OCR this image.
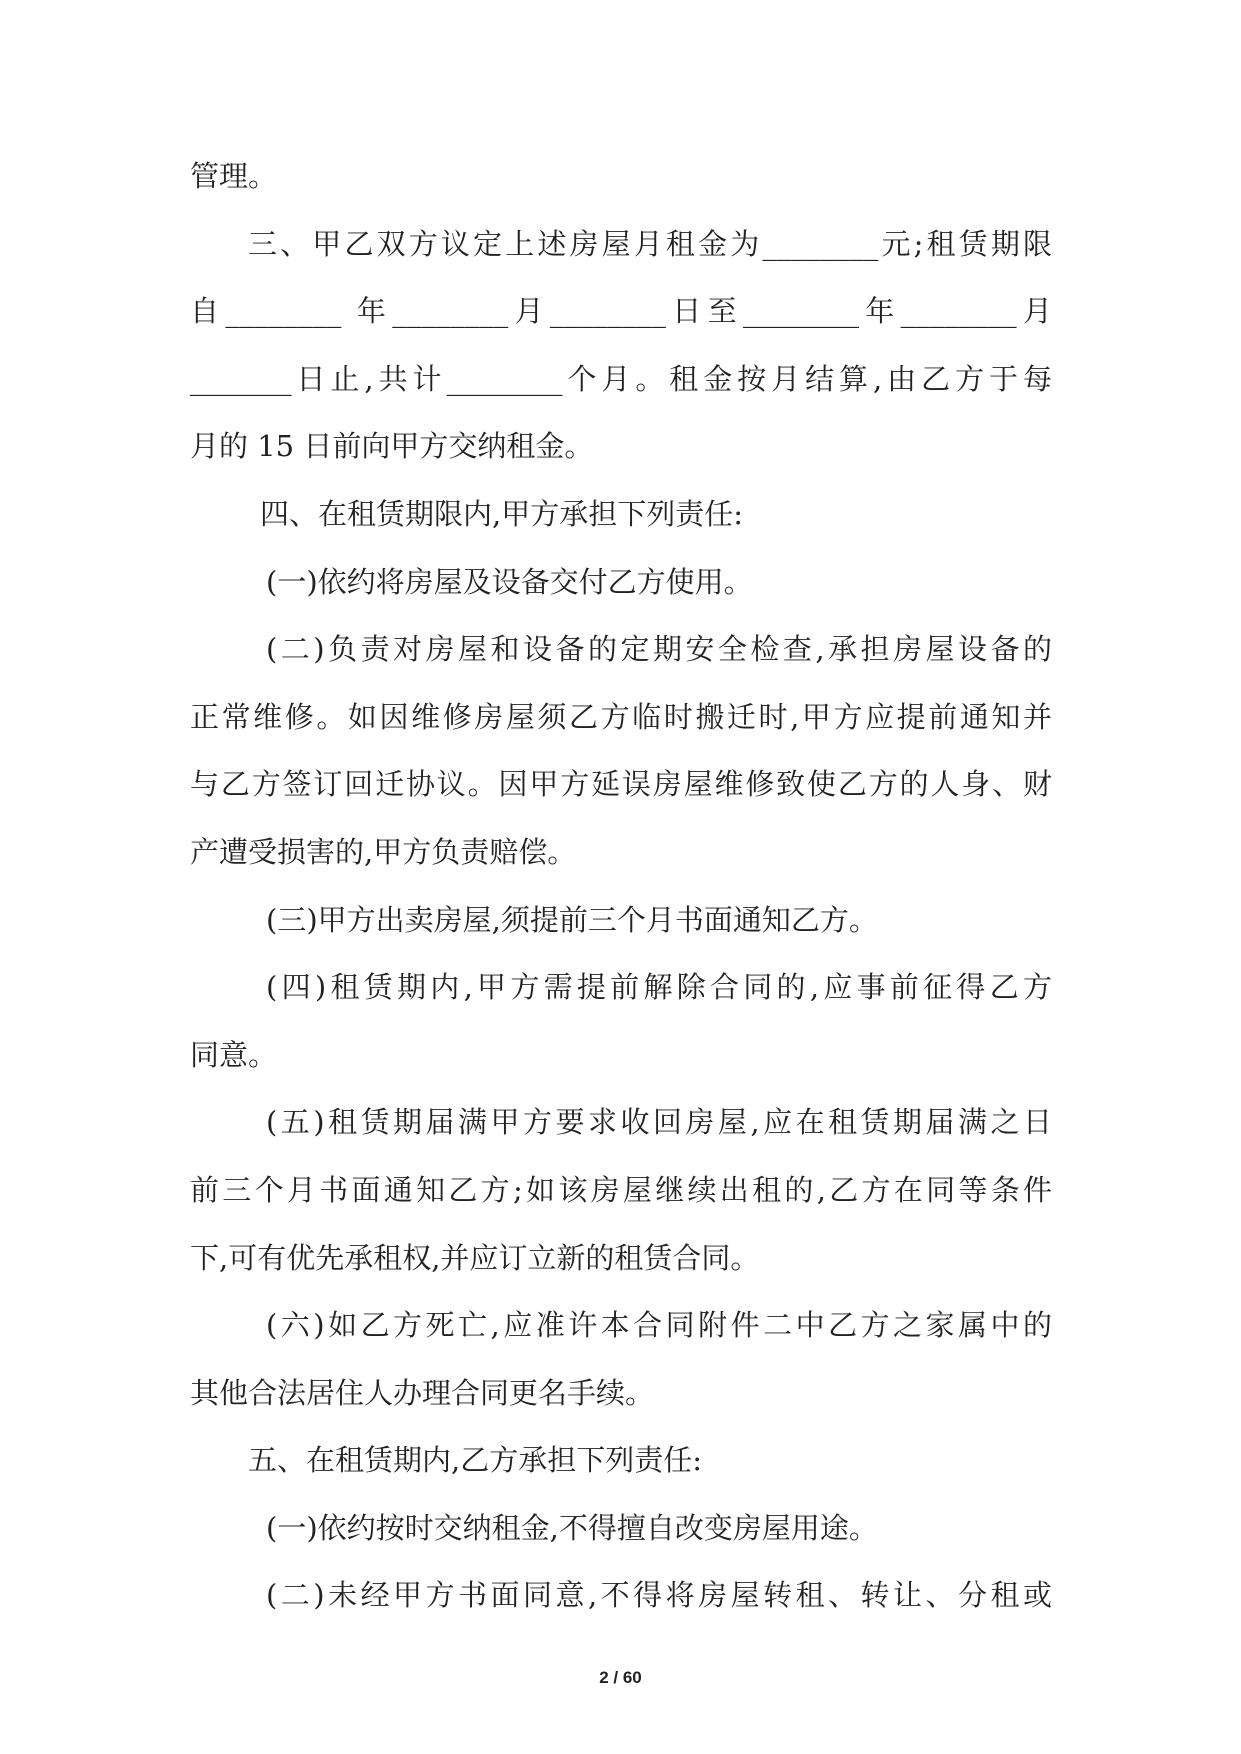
管理。
三、甲乙双方议定上述房屋月租金为________元;租赁期限
自________ 年________月________日至________年________月
_______日止,共计________个月。租金按月结算,由乙方于每
月的 15 日前向甲方交纳租金。
四、在租赁期限内,甲方承担下列责任:
(一)依约将房屋及设备交付乙方使用。
(二)负责对房屋和设备的定期安全检查,承担房屋设备的
正常维修。如因维修房屋须乙方临时搬迁时,甲方应提前通知并
与乙方签订回迁协议。因甲方延误房屋维修致使乙方的人身、财
产遭受损害的,甲方负责赔偿。
(三)甲方出卖房屋,须提前三个月书面通知乙方。
(四)租赁期内,甲方需提前解除合同的,应事前征得乙方
同意。
(五)租赁期届满甲方要求收回房屋,应在租赁期届满之日
前三个月书面通知乙方;如该房屋继续出租的,乙方在同等条件
下,可有优先承租权,并应订立新的租赁合同。
(六)如乙方死亡,应准许本合同附件二中乙方之家属中的
其他合法居住人办理合同更名手续。
五、在租赁期内,乙方承担下列责任:
(一)依约按时交纳租金,不得擅自改变房屋用途。
(二)未经甲方书面同意,不得将房屋转租、转让、分租或
2 / 60
